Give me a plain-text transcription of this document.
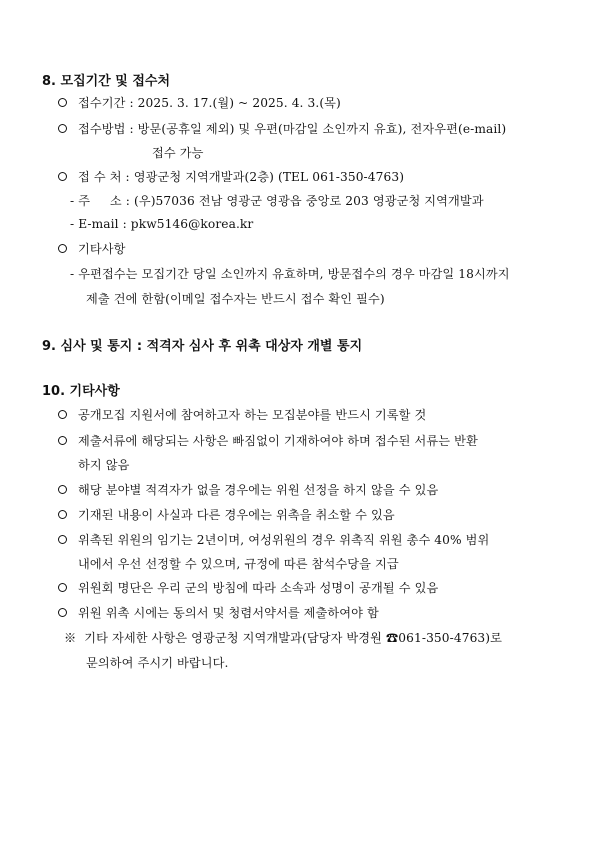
8. 모집기간 및 접수처
접수기간 : 2025. 3. 17.(월) ~ 2025. 4. 3.(목)
접수방법 : 방문(공휴일 제외) 및 우편(마감일 소인까지 유효), 전자우편(e-mail)
접수 가능
접 수 처 : 영광군청 지역개발과(2층) (TEL 061-350-4763)
- 주     소 : (우)57036 전남 영광군 영광읍 중앙로 203 영광군청 지역개발과
- E-mail : pkw5146@korea.kr
기타사항
- 우편접수는 모집기간 당일 소인까지 유효하며, 방문접수의 경우 마감일 18시까지
제출 건에 한함(이메일 접수자는 반드시 접수 확인 필수)
9. 심사 및 통지 : 적격자 심사 후 위촉 대상자 개별 통지
10. 기타사항
공개모집 지원서에 참여하고자 하는 모집분야를 반드시 기록할 것
제출서류에 해당되는 사항은 빠짐없이 기재하여야 하며 접수된 서류는 반환
하지 않음
해당 분야별 적격자가 없을 경우에는 위원 선정을 하지 않을 수 있음
기재된 내용이 사실과 다른 경우에는 위촉을 취소할 수 있음
위촉된 위원의 임기는 2년이며, 여성위원의 경우 위촉직 위원 총수 40% 범위
내에서 우선 선정할 수 있으며, 규정에 따른 참석수당을 지급
위원회 명단은 우리 군의 방침에 따라 소속과 성명이 공개될 수 있음
위원 위촉 시에는 동의서 및 청렴서약서를 제출하여야 함
※  기타 자세한 사항은 영광군청 지역개발과(담당자 박경원 ☎061-350-4763)로
문의하여 주시기 바랍니다.
